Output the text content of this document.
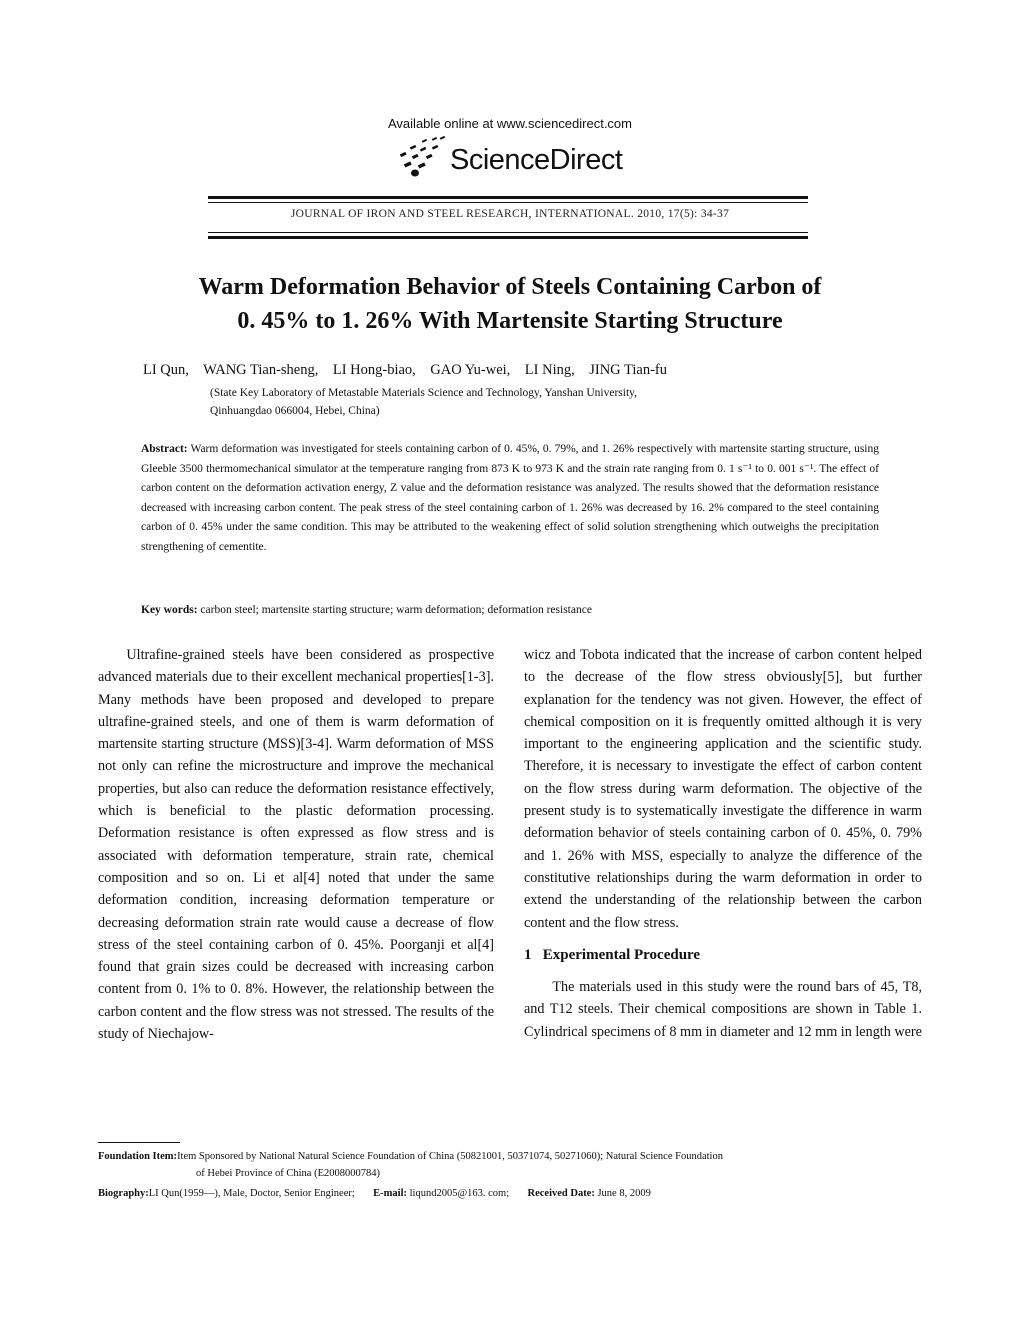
Available online at www.sciencedirect.com
ScienceDirect
JOURNAL OF IRON AND STEEL RESEARCH, INTERNATIONAL. 2010, 17(5): 34-37
Warm Deformation Behavior of Steels Containing Carbon of
0. 45% to 1. 26% With Martensite Starting Structure
LI Qun,    WANG Tian-sheng,    LI Hong-biao,    GAO Yu-wei,    LI Ning,    JING Tian-fu
(State Key Laboratory of Metastable Materials Science and Technology, Yanshan University,
Qinhuangdao 066004, Hebei, China)
Abstract: Warm deformation was investigated for steels containing carbon of 0. 45%, 0. 79%, and 1. 26% respectively with martensite starting structure, using Gleeble 3500 thermomechanical simulator at the temperature ranging from 873 K to 973 K and the strain rate ranging from 0. 1 s⁻¹ to 0. 001 s⁻¹. The effect of carbon content on the deformation activation energy, Z value and the deformation resistance was analyzed. The results showed that the deformation resistance decreased with increasing carbon content. The peak stress of the steel containing carbon of 1. 26% was decreased by 16. 2% compared to the steel containing carbon of 0. 45% under the same condition. This may be attributed to the weakening effect of solid solution strengthening which outweighs the precipitation strengthening of cementite.
Key words: carbon steel; martensite starting structure; warm deformation; deformation resistance

Ultrafine-grained steels have been considered as prospective advanced materials due to their excellent mechanical properties[1-3]. Many methods have been proposed and developed to prepare ultrafine-grained steels, and one of them is warm deformation of martensite starting structure (MSS)[3-4]. Warm deformation of MSS not only can refine the microstructure and improve the mechanical properties, but also can reduce the deformation resistance effectively, which is beneficial to the plastic deformation processing. Deformation resistance is often expressed as flow stress and is associated with deformation temperature, strain rate, chemical composition and so on. Li et al[4] noted that under the same deformation condition, increasing deformation temperature or decreasing deformation strain rate would cause a decrease of flow stress of the steel containing carbon of 0. 45%. Poorganji et al[4] found that grain sizes could be decreased with increasing carbon content from 0. 1% to 0. 8%. However, the relationship between the carbon content and the flow stress was not stressed. The results of the study of Niechajow-

wicz and Tobota indicated that the increase of carbon content helped to the decrease of the flow stress obviously[5], but further explanation for the tendency was not given. However, the effect of chemical composition on it is frequently omitted although it is very important to the engineering application and the scientific study. Therefore, it is necessary to investigate the effect of carbon content on the flow stress during warm deformation. The objective of the present study is to systematically investigate the difference in warm deformation behavior of steels containing carbon of 0. 45%, 0. 79% and 1. 26% with MSS, especially to analyze the difference of the constitutive relationships during the warm deformation in order to extend the understanding of the relationship between the carbon content and the flow stress.

1 Experimental Procedure

The materials used in this study were the round bars of 45, T8, and T12 steels. Their chemical compositions are shown in Table 1. Cylindrical specimens of 8 mm in diameter and 12 mm in length were

Foundation Item:Item Sponsored by National Natural Science Foundation of China (50821001, 50371074, 50271060); Natural Science Foundation
of Hebei Province of China (E2008000784)
Biography:LI Qun(1959—), Male, Doctor, Senior Engineer; E-mail: liqund2005@163. com; Received Date: June 8, 2009
